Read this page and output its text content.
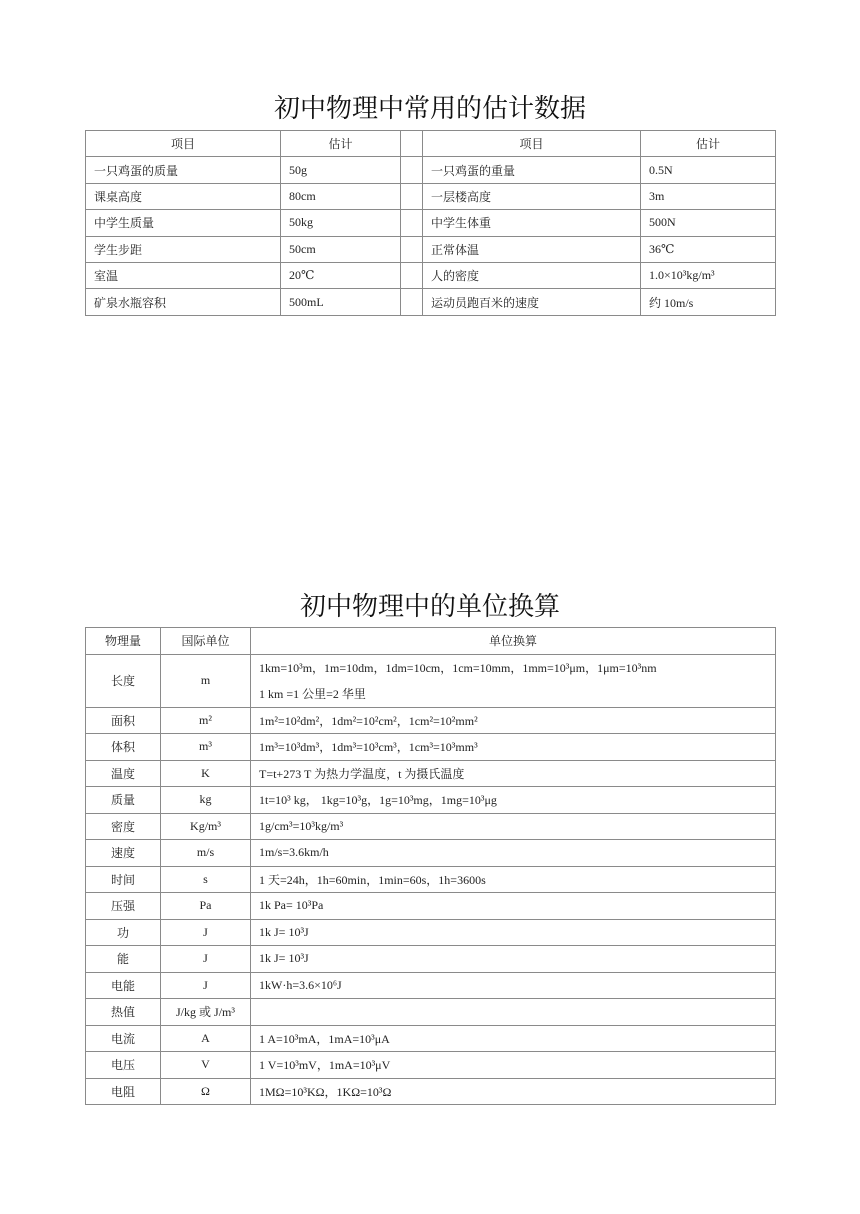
初中物理中常用的估计数据
项目	估计		项目	估计
一只鸡蛋的质量	50g		一只鸡蛋的重量	0.5N
课桌高度	80cm		一层楼高度	3m
中学生质量	50kg		中学生体重	500N
学生步距	50cm		正常体温	36℃
室温	20℃		人的密度	1.0×10³kg/m³
矿泉水瓶容积	500mL		运动员跑百米的速度	约 10m/s
初中物理中的单位换算
物理量	国际单位	单位换算
长度	m	1km=10³m，1m=10dm，1dm=10cm，1cm=10mm，1mm=10³μm，1μm=10³nm
1 km =1 公里=2 华里

面积	m²	1m²=10²dm²，1dm²=10²cm²，1cm²=10²mm²
体积	m³	1m³=10³dm³，1dm³=10³cm³，1cm³=10³mm³
温度	K	T=t+273 T 为热力学温度，t 为摄氏温度
质量	kg	1t=10³ kg， 1kg=10³g，1g=10³mg，1mg=10³μg
密度	Kg/m³	1g/cm³=10³kg/m³
速度	m/s	1m/s=3.6km/h
时间	s	1 天=24h，1h=60min，1min=60s，1h=3600s
压强	Pa	1k Pa= 10³Pa
功	J	1k J= 10³J
能	J	1k J= 10³J
电能	J	1kW·h=3.6×10⁶J
热值	J/kg 或 J/m³	
电流	A	1 A=10³mA，1mA=10³μA
电压	V	1 V=10³mV，1mA=10³μV
电阻	Ω	1MΩ=10³KΩ，1KΩ=10³Ω
